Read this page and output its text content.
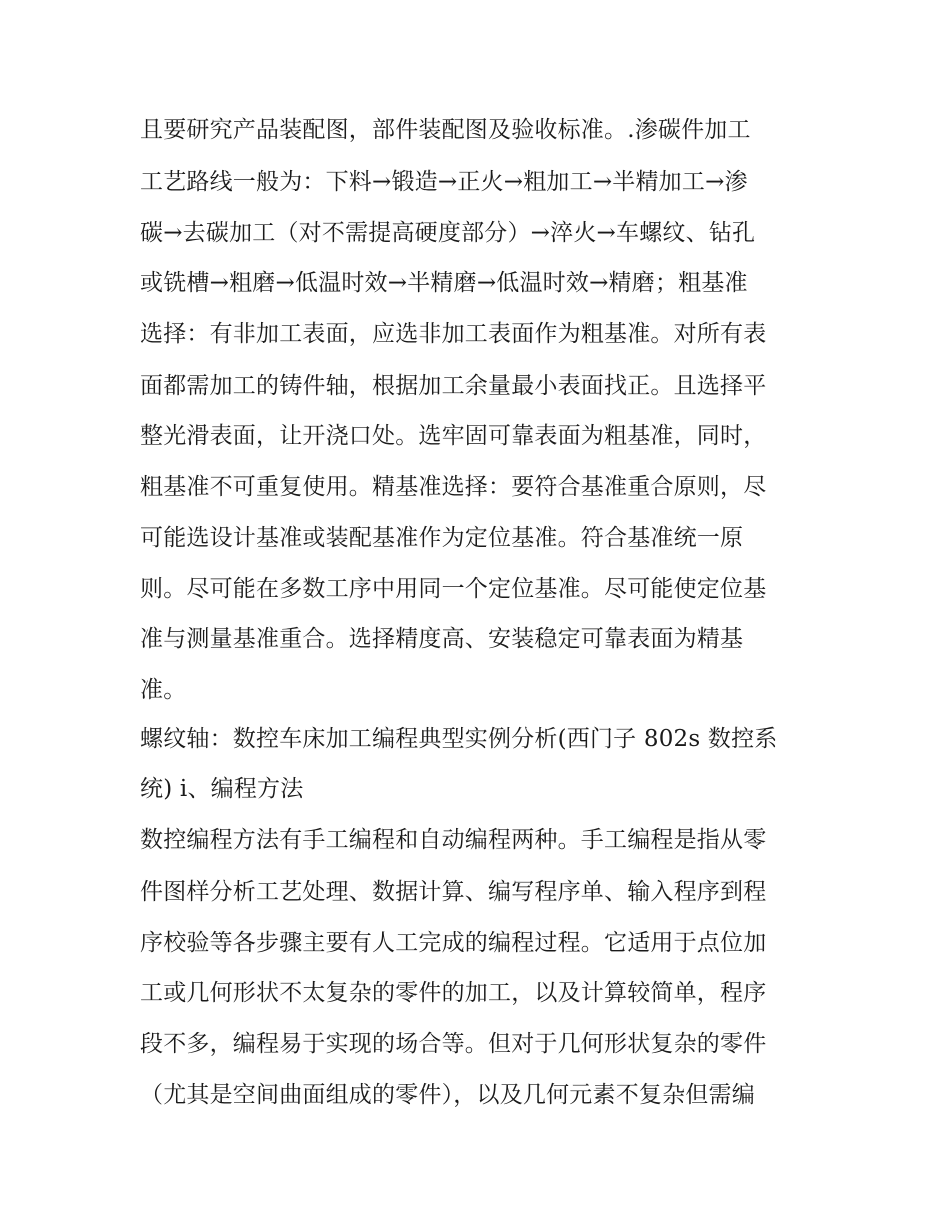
且要研究产品装配图，部件装配图及验收标准。.渗碳件加工
工艺路线一般为：下料→锻造→正火→粗加工→半精加工→渗
碳→去碳加工（对不需提高硬度部分）→淬火→车螺纹、钻孔
或铣槽→粗磨→低温时效→半精磨→低温时效→精磨；粗基准
选择：有非加工表面，应选非加工表面作为粗基准。对所有表
面都需加工的铸件轴，根据加工余量最小表面找正。且选择平
整光滑表面，让开浇口处。选牢固可靠表面为粗基准，同时，
粗基准不可重复使用。精基准选择：要符合基准重合原则，尽
可能选设计基准或装配基准作为定位基准。符合基准统一原
则。尽可能在多数工序中用同一个定位基准。尽可能使定位基
准与测量基准重合。选择精度高、安装稳定可靠表面为精基
准。
螺纹轴：数控车床加工编程典型实例分析(西门子 802s 数控系
统) i、编程方法
数控编程方法有手工编程和自动编程两种。手工编程是指从零
件图样分析工艺处理、数据计算、编写程序单、输入程序到程
序校验等各步骤主要有人工完成的编程过程。它适用于点位加
工或几何形状不太复杂的零件的加工，以及计算较简单，程序
段不多，编程易于实现的场合等。但对于几何形状复杂的零件
（尤其是空间曲面组成的零件），以及几何元素不复杂但需编
